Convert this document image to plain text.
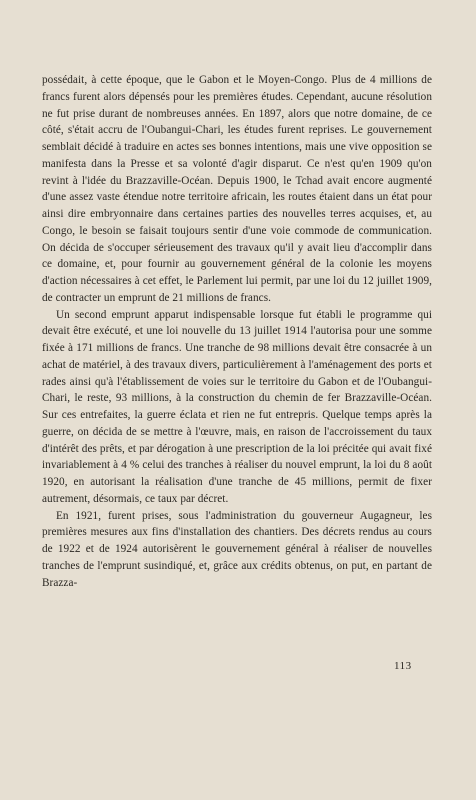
possédait, à cette époque, que le Gabon et le Moyen-Congo. Plus de 4 millions de francs furent alors dépensés pour les premières études. Cependant, aucune résolution ne fut prise durant de nombreuses années. En 1897, alors que notre domaine, de ce côté, s'était accru de l'Oubangui-Chari, les études furent reprises. Le gouvernement semblait décidé à traduire en actes ses bonnes intentions, mais une vive opposition se manifesta dans la Presse et sa volonté d'agir disparut. Ce n'est qu'en 1909 qu'on revint à l'idée du Brazzaville-Océan. Depuis 1900, le Tchad avait encore augmenté d'une assez vaste étendue notre territoire africain, les routes étaient dans un état pour ainsi dire embryonnaire dans certaines parties des nouvelles terres acquises, et, au Congo, le besoin se faisait toujours sentir d'une voie commode de communication. On décida de s'occuper sérieusement des travaux qu'il y avait lieu d'accomplir dans ce domaine, et, pour fournir au gouvernement général de la colonie les moyens d'action nécessaires à cet effet, le Parlement lui permit, par une loi du 12 juillet 1909, de contracter un emprunt de 21 millions de francs.

Un second emprunt apparut indispensable lorsque fut établi le programme qui devait être exécuté, et une loi nouvelle du 13 juillet 1914 l'autorisa pour une somme fixée à 171 millions de francs. Une tranche de 98 millions devait être consacrée à un achat de matériel, à des travaux divers, particulièrement à l'aménagement des ports et rades ainsi qu'à l'établissement de voies sur le territoire du Gabon et de l'Oubangui-Chari, le reste, 93 millions, à la construction du chemin de fer Brazzaville-Océan. Sur ces entrefaites, la guerre éclata et rien ne fut entrepris. Quelque temps après la guerre, on décida de se mettre à l'œuvre, mais, en raison de l'accroissement du taux d'intérêt des prêts, et par dérogation à une prescription de la loi précitée qui avait fixé invariablement à 4 % celui des tranches à réaliser du nouvel emprunt, la loi du 8 août 1920, en autorisant la réalisation d'une tranche de 45 millions, permit de fixer autrement, désormais, ce taux par décret.

En 1921, furent prises, sous l'administration du gouverneur Augagneur, les premières mesures aux fins d'installation des chantiers. Des décrets rendus au cours de 1922 et de 1924 autorisèrent le gouvernement général à réaliser de nouvelles tranches de l'emprunt susindiqué, et, grâce aux crédits obtenus, on put, en partant de Brazza-

113
